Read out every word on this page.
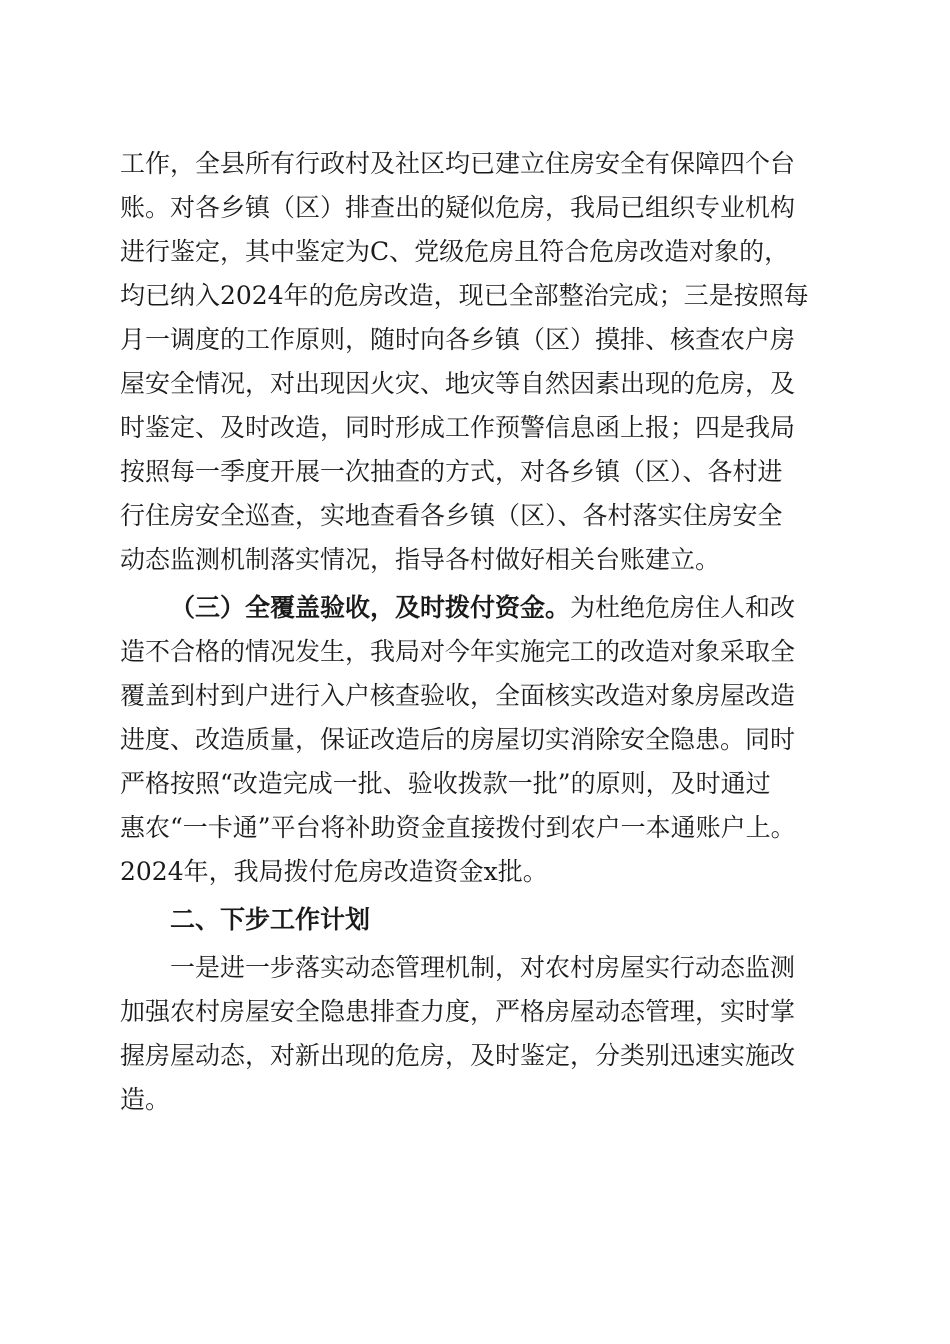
工作，全县所有行政村及社区均已建立住房安全有保障四个台
账。对各乡镇（区）排查出的疑似危房，我局已组织专业机构
进行鉴定，其中鉴定为C、党级危房且符合危房改造对象的，
均已纳入2024年的危房改造，现已全部整治完成；三是按照每
月一调度的工作原则，随时向各乡镇（区）摸排、核查农户房
屋安全情况，对出现因火灾、地灾等自然因素出现的危房，及
时鉴定、及时改造，同时形成工作预警信息函上报；四是我局
按照每一季度开展一次抽查的方式，对各乡镇（区）、各村进
行住房安全巡查，实地查看各乡镇（区）、各村落实住房安全
动态监测机制落实情况，指导各村做好相关台账建立。
（三）全覆盖验收，及时拨付资金。为杜绝危房住人和改
造不合格的情况发生，我局对今年实施完工的改造对象采取全
覆盖到村到户进行入户核查验收，全面核实改造对象房屋改造
进度、改造质量，保证改造后的房屋切实消除安全隐患。同时
严格按照“改造完成一批、验收拨款一批”的原则，及时通过
惠农“一卡通”平台将补助资金直接拨付到农户一本通账户上。
2024年，我局拨付危房改造资金x批。
二、下步工作计划
一是进一步落实动态管理机制，对农村房屋实行动态监测
加强农村房屋安全隐患排查力度，严格房屋动态管理，实时掌
握房屋动态，对新出现的危房，及时鉴定，分类别迅速实施改
造。
